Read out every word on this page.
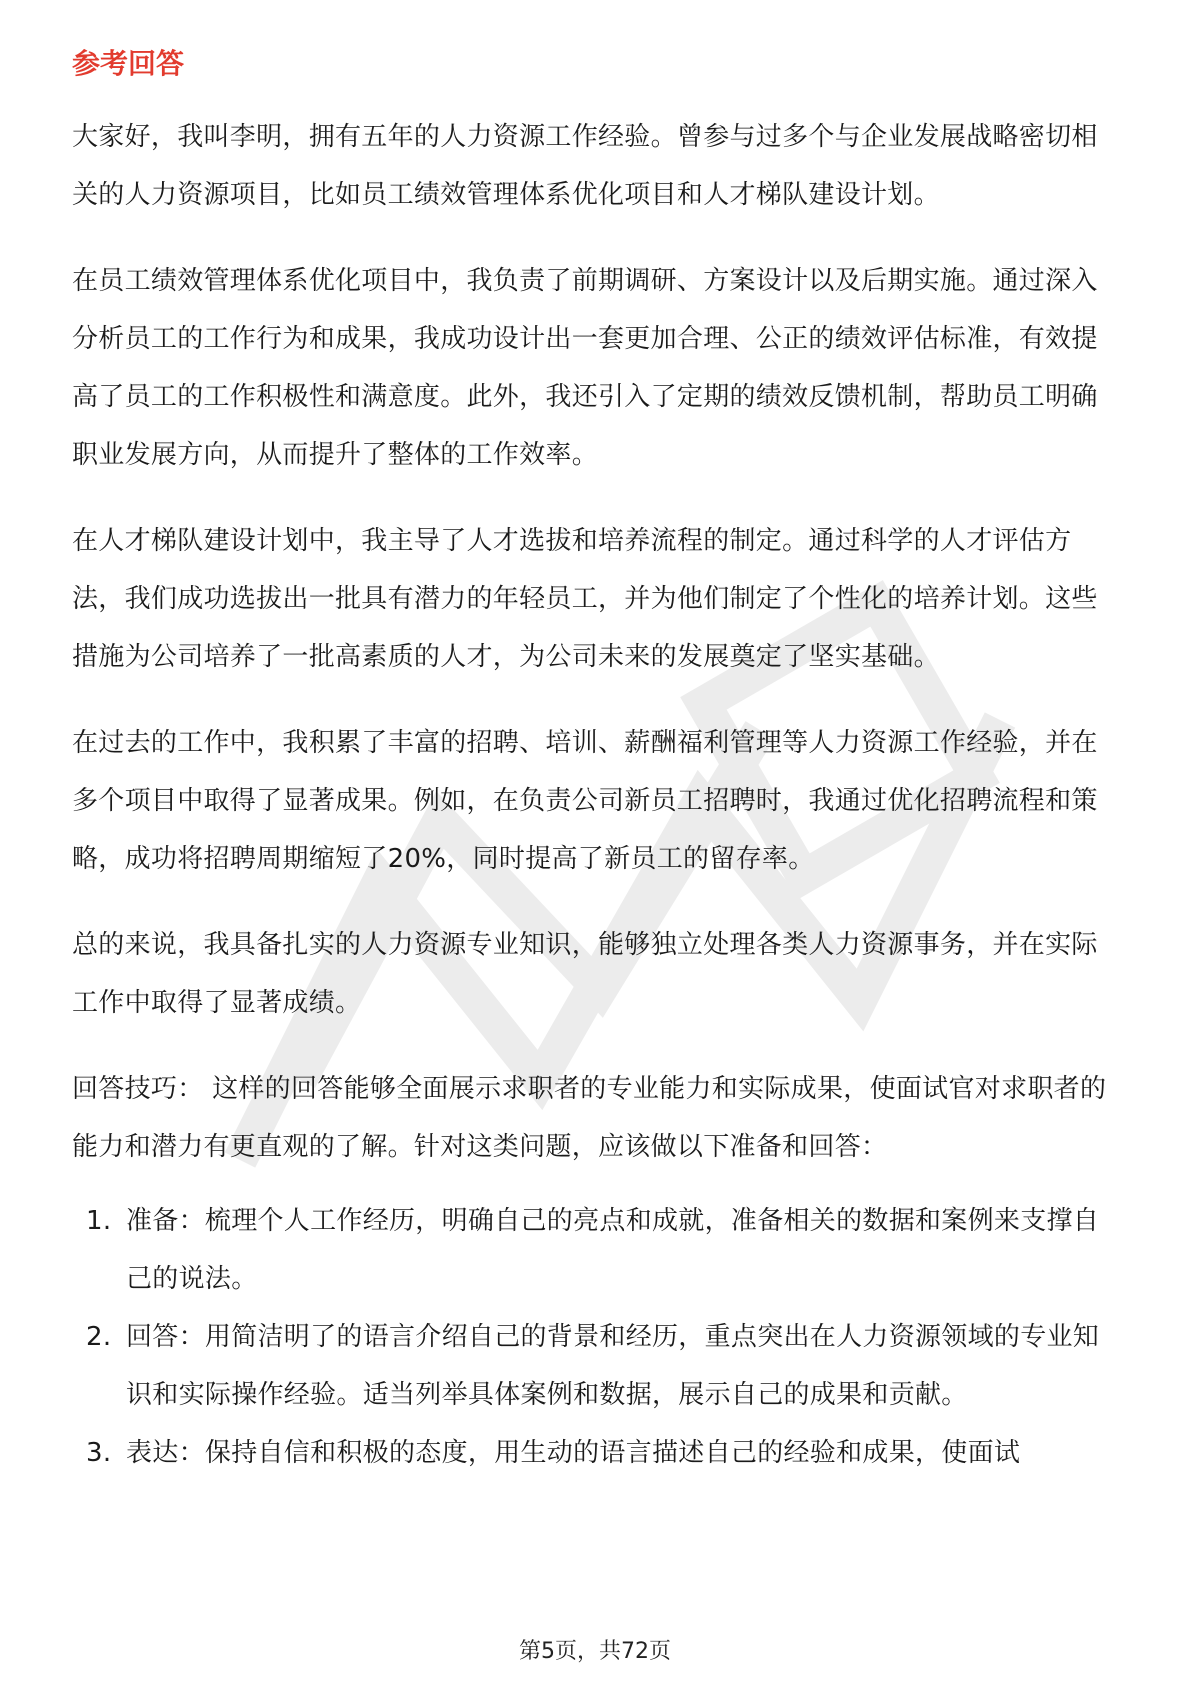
参考回答

大家好，我叫李明，拥有五年的人力资源工作经验。曾参与过多个与企业发展战略密切相关的人力资源项目，比如员工绩效管理体系优化项目和人才梯队建设计划。

在员工绩效管理体系优化项目中，我负责了前期调研、方案设计以及后期实施。通过深入分析员工的工作行为和成果，我成功设计出一套更加合理、公正的绩效评估标准，有效提高了员工的工作积极性和满意度。此外，我还引入了定期的绩效反馈机制，帮助员工明确职业发展方向，从而提升了整体的工作效率。

在人才梯队建设计划中，我主导了人才选拔和培养流程的制定。通过科学的人才评估方法，我们成功选拔出一批具有潜力的年轻员工，并为他们制定了个性化的培养计划。这些措施为公司培养了一批高素质的人才，为公司未来的发展奠定了坚实基础。

在过去的工作中，我积累了丰富的招聘、培训、薪酬福利管理等人力资源工作经验，并在多个项目中取得了显著成果。例如，在负责公司新员工招聘时，我通过优化招聘流程和策略，成功将招聘周期缩短了20%，同时提高了新员工的留存率。

总的来说，我具备扎实的人力资源专业知识，能够独立处理各类人力资源事务，并在实际工作中取得了显著成绩。

回答技巧： 这样的回答能够全面展示求职者的专业能力和实际成果，使面试官对求职者的能力和潜力有更直观的了解。针对这类问题，应该做以下准备和回答：

1. 准备：梳理个人工作经历，明确自己的亮点和成就，准备相关的数据和案例来支撑自己的说法。
2. 回答：用简洁明了的语言介绍自己的背景和经历，重点突出在人力资源领域的专业知识和实际操作经验。适当列举具体案例和数据，展示自己的成果和贡献。
3. 表达：保持自信和积极的态度，用生动的语言描述自己的经验和成果，使面试
第5页，共72页
